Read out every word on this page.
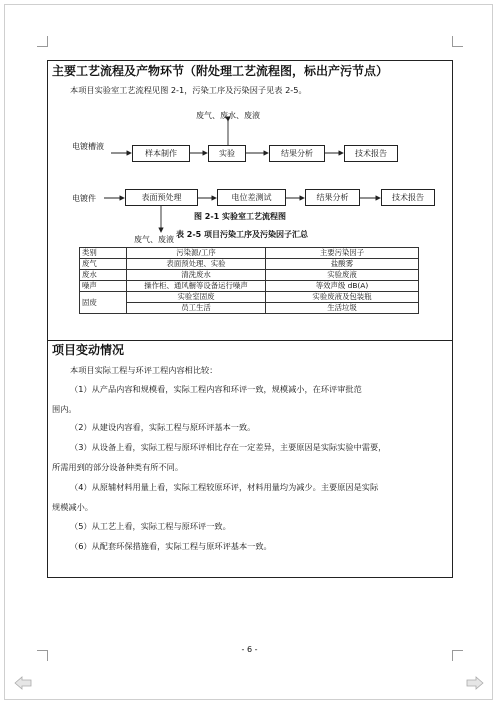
主要工艺流程及产物环节（附处理工艺流程图，标出产污节点）
本项目实验室工艺流程见图 2-1，污染工序及污染因子见表 2-5。
废气、废水、废液
电镀槽液
样本制作	实验	结果分析	技术报告
电镀件	表面预处理	电位差测试	结果分析	技术报告
图 2-1 实验室工艺流程图
废气、废液
表 2-5 项目污染工序及污染因子汇总
类别	污染源/工序	主要污染因子
废气	表面预处理、实验	盐酸雾
废水	清洗废水	实验废液
噪声	操作柜、通风橱等设备运行噪声	等效声级 dB(A)
固废	实验室固废	实验废液及包装瓶
	员工生活	生活垃圾
项目变动情况
本项目实际工程与环评工程内容相比较：
（1）从产品内容和规模看，实际工程内容和环评一致，规模减小，在环评审批范
围内。
（2）从建设内容看，实际工程与原环评基本一致。
（3）从设备上看，实际工程与原环评相比存在一定差异，主要原因是实际实验中需要，
所需用到的部分设备种类有所不同。
（4）从原辅材料用量上看，实际工程较原环评，材料用量均为减少。主要原因是实际
规模减小。
（5）从工艺上看，实际工程与原环评一致。
（6）从配套环保措施看，实际工程与原环评基本一致。
- 6 -
